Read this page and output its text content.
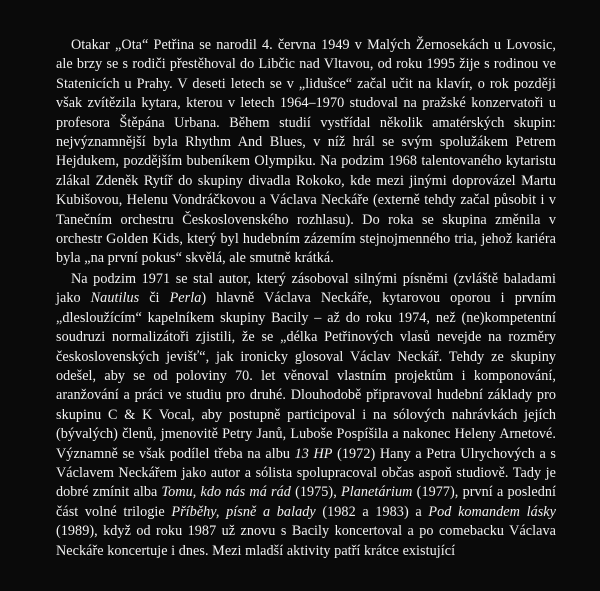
Otakar „Ota“ Petřina se narodil 4. června 1949 v Malých Žernosekách u Lovosic, ale brzy se s rodiči přestěhoval do Libčic nad Vltavou, od roku 1995 žije s rodinou ve Statenicích u Prahy. V deseti letech se v „lidušce“ začal učit na klavír, o rok později však zvítězila kytara, kterou v letech 1964–1970 studoval na pražské konzervatoři u profesora Štěpána Urbana. Během studií vystřídal několik amatérských skupin: nejvýznamnější byla Rhythm And Blues, v níž hrál se svým spolužákem Petrem Hejdukem, pozdějším bubeníkem Olympiku. Na podzim 1968 talentovaného kytaristu zlákal Zdeněk Rytíř do skupiny divadla Rokoko, kde mezi jinými doprovázel Martu Kubišovou, Helenu Vondráčkovou a Václava Neckáře (externě tehdy začal působit i v Tanečním orchestru Československého rozhlasu). Do roka se skupina změnila v orchestr Golden Kids, který byl hudebním zázemím stejnojmenného tria, jehož kariéra byla „na první pokus“ skvělá, ale smutně krátká.

Na podzim 1971 se stal autor, který zásoboval silnými písněmi (zvláště baladami jako Nautilus či Perla) hlavně Václava Neckáře, kytarovou oporou i prvním „dlesloužícím“ kapelníkem skupiny Bacily – až do roku 1974, než (ne)kompetentní soudruzi normalizátoři zjistili, že se „délka Petřinových vlasů nevejde na rozměry československých jevišť“, jak ironicky glosoval Václav Neckář. Tehdy ze skupiny odešel, aby se od poloviny 70. let věnoval vlastním projektům i komponování, aranžování a práci ve studiu pro druhé. Dlouhodobě připravoval hudební základy pro skupinu C & K Vocal, aby postupně participoval i na sólových nahrávkách jejích (bývalých) členů, jmenovitě Petry Janů, Luboše Pospíšila a nakonec Heleny Arnetové. Významně se však podílel třeba na albu 13 HP (1972) Hany a Petra Ulrychových a s Václavem Neckářem jako autor a sólista spolupracoval občas aspoň studiově. Tady je dobré zmínit alba Tomu, kdo nás má rád (1975), Planetárium (1977), první a poslední část volné trilogie Příběhy, písně a balady (1982 a 1983) a Pod komandem lásky (1989), když od roku 1987 už znovu s Bacily koncertoval a po comebacku Václava Neckáře koncertuje i dnes. Mezi mladší aktivity patří krátce existující
